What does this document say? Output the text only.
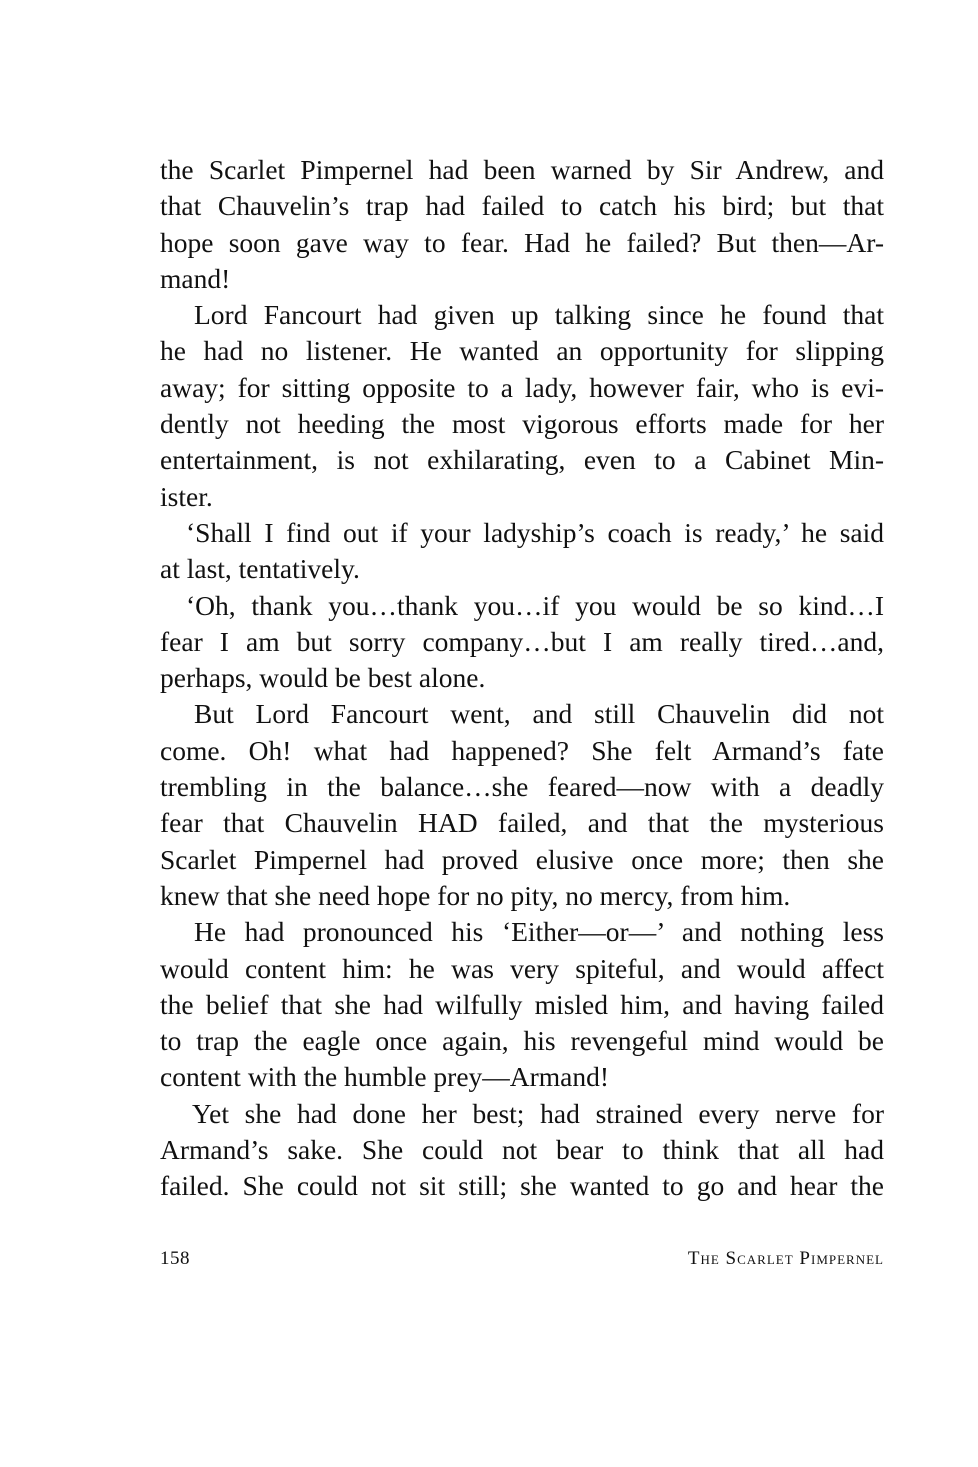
the Scarlet Pimpernel had been warned by Sir Andrew, and
that Chauvelin’s trap had failed to catch his bird; but that
hope soon gave way to fear. Had he failed? But then—Ar-
mand!
Lord Fancourt had given up talking since he found that
he had no listener. He wanted an opportunity for slipping
away; for sitting opposite to a lady, however fair, who is evi-
dently not heeding the most vigorous efforts made for her
entertainment, is not exhilarating, even to a Cabinet Min-
ister.
‘Shall I find out if your ladyship’s coach is ready,’ he said
at last, tentatively.
‘Oh, thank you…thank you…if you would be so kind…I
fear I am but sorry company…but I am really tired…and,
perhaps, would be best alone.
But Lord Fancourt went, and still Chauvelin did not
come. Oh! what had happened? She felt Armand’s fate
trembling in the balance…she feared—now with a deadly
fear that Chauvelin HAD failed, and that the mysterious
Scarlet Pimpernel had proved elusive once more; then she
knew that she need hope for no pity, no mercy, from him.
He had pronounced his ‘Either—or—’ and nothing less
would content him: he was very spiteful, and would affect
the belief that she had wilfully misled him, and having failed
to trap the eagle once again, his revengeful mind would be
content with the humble prey—Armand!
Yet she had done her best; had strained every nerve for
Armand’s sake. She could not bear to think that all had
failed. She could not sit still; she wanted to go and hear the
158	The Scarlet Pimpernel
